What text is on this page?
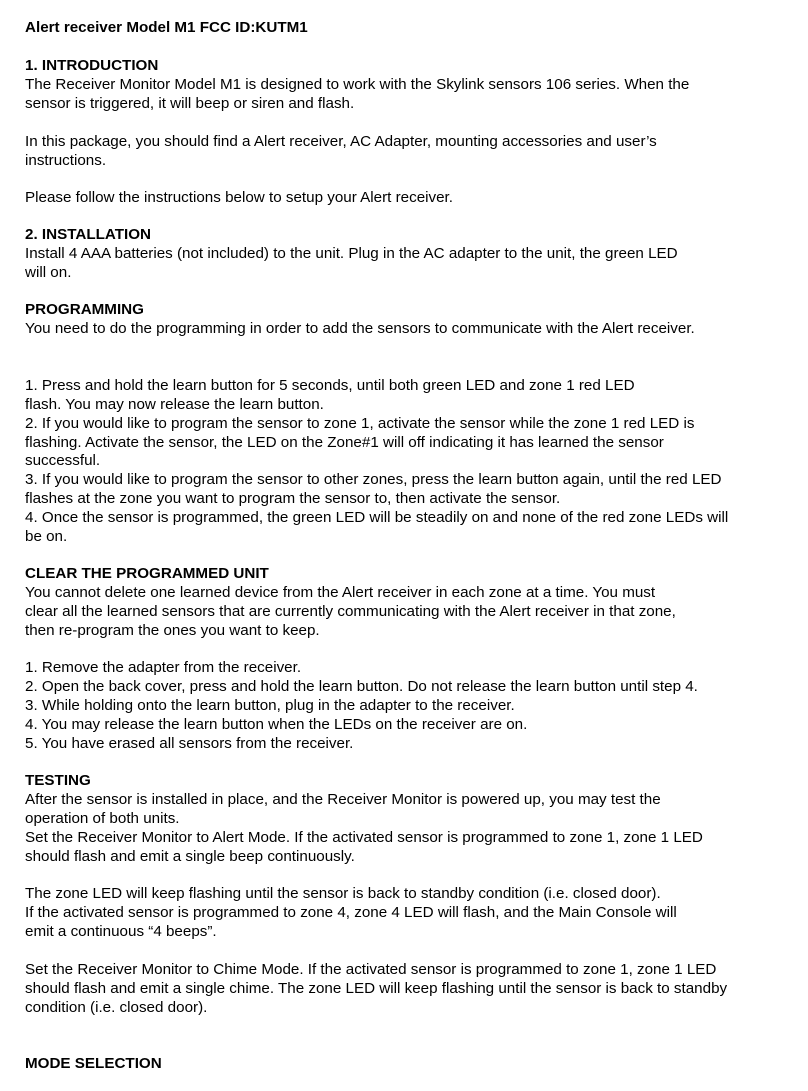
Alert receiver Model M1 FCC ID:KUTM1
1. INTRODUCTION
The Receiver Monitor Model M1 is designed to work with the Skylink sensors 106 series. When the
sensor is triggered, it will beep or siren and flash.
In this package, you should find a Alert receiver, AC Adapter, mounting accessories and user’s
instructions.
Please follow the instructions below to setup your Alert receiver.
2. INSTALLATION
Install 4 AAA batteries (not included) to the unit. Plug in the AC adapter to the unit, the green LED
will on.
PROGRAMMING
You need to do the programming in order to add the sensors to communicate with the Alert receiver.
1. Press and hold the learn button for 5 seconds, until both green LED and zone 1 red LED
flash. You may now release the learn button.
2. If you would like to program the sensor to zone 1, activate the sensor while the zone 1 red LED is
flashing. Activate the sensor, the LED on the Zone#1 will off indicating it has learned the sensor
successful.
3. If you would like to program the sensor to other zones, press the learn button again, until the red LED
flashes at the zone you want to program the sensor to, then activate the sensor.
4. Once the sensor is programmed, the green LED will be steadily on and none of the red zone LEDs will
be on.
CLEAR THE PROGRAMMED UNIT
You cannot delete one learned device from the Alert receiver in each zone at a time. You must
clear all the learned sensors that are currently communicating with the Alert receiver in that zone,
then re-program the ones you want to keep.
1. Remove the adapter from the receiver.
2. Open the back cover, press and hold the learn button. Do not release the learn button until step 4.
3. While holding onto the learn button, plug in the adapter to the receiver.
4. You may release the learn button when the LEDs on the receiver are on.
5. You have erased all sensors from the receiver.
TESTING
After the sensor is installed in place, and the Receiver Monitor is powered up, you may test the
operation of both units.
Set the Receiver Monitor to Alert Mode. If the activated sensor is programmed to zone 1, zone 1 LED
should flash and emit a single beep continuously.
The zone LED will keep flashing until the sensor is back to standby condition (i.e. closed door).
If the activated sensor is programmed to zone 4, zone 4 LED will flash, and the Main Console will
emit a continuous “4 beeps”.
Set the Receiver Monitor to Chime Mode. If the activated sensor is programmed to zone 1, zone 1 LED
should flash and emit a single chime. The zone LED will keep flashing until the sensor is back to standby
condition (i.e. closed door).
MODE SELECTION
